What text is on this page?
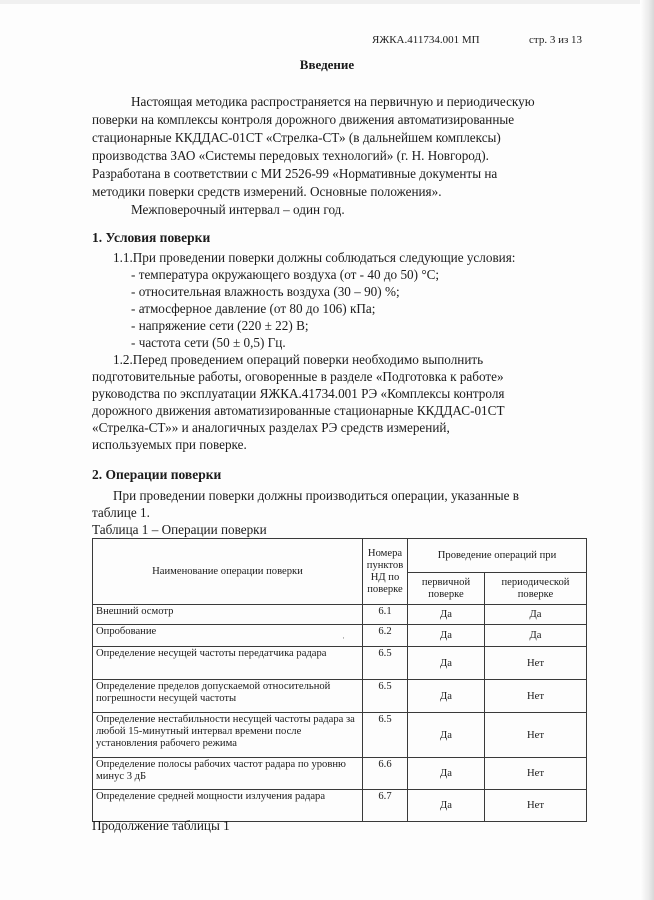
ЯЖКА.411734.001 МП	стр. 3 из 13
Введение
Настоящая методика распространяется на первичную и периодическую
поверки на комплексы контроля дорожного движения автоматизированные
стационарные ККДДАС-01СТ «Стрелка-СТ» (в дальнейшем комплексы)
производства ЗАО «Системы передовых технологий» (г. Н. Новгород).
Разработана в соответствии с МИ 2526-99 «Нормативные документы на
методики поверки средств измерений. Основные положения».
Межповерочный интервал – один год.
1. Условия поверки
1.1.При проведении поверки должны соблюдаться следующие условия:
- температура окружающего воздуха (от - 40 до 50) °С;
- относительная влажность воздуха (30 – 90) %;
- атмосферное давление (от 80 до 106) кПа;
- напряжение сети (220 ± 22) В;
- частота сети (50 ± 0,5) Гц.
1.2.Перед проведением операций поверки необходимо выполнить
подготовительные работы, оговоренные в разделе «Подготовка к работе»
руководства по эксплуатации ЯЖКА.41734.001 РЭ «Комплексы контроля
дорожного движения автоматизированные стационарные ККДДАС-01СТ
«Стрелка-СТ»» и аналогичных разделах РЭ средств измерений,
используемых при поверке.
2. Операции поверки
При проведении поверки должны производиться операции, указанные в
таблице 1.
Таблица 1 – Операции поверки
Наименование операции поверки	Номера пунктов НД по поверке	Проведение операций при	
		первичной поверке	периодической поверке
Внешний осмотр	6.1	Да	Да
Опробование	6.2	Да	Да
Определение несущей частоты передатчика радара	6.5	Да	Нет
Определение пределов допускаемой относительной погрешности несущей частоты	6.5	Да	Нет
Определение нестабильности несущей частоты радара за любой 15-минутный интервал времени после установления рабочего режима	6.5	Да	Нет
Определение полосы рабочих частот радара по уровню минус 3 дБ	6.6	Да	Нет
Определение средней мощности излучения радара	6.7	Да	Нет
·
Продолжение таблицы 1
